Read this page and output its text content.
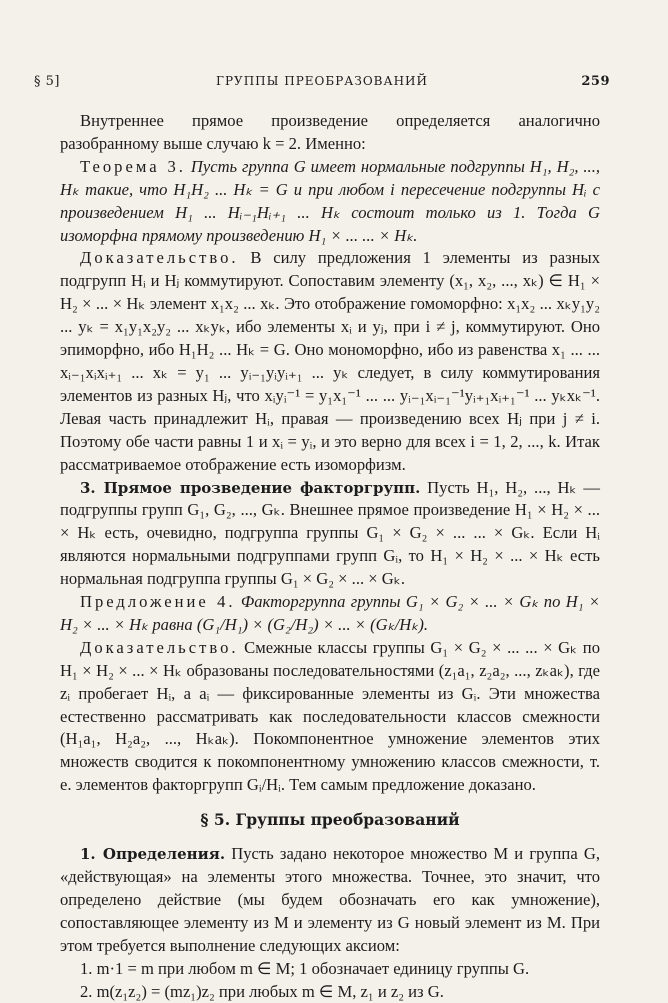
§ 5]	ГРУППЫ ПРЕОБРАЗОВАНИЙ	259

Внутреннее прямое произведение определяется аналогично разобранному выше случаю k = 2. Именно:

Теорема 3. Пусть группа G имеет нормальные подгруппы H₁, H₂, ..., Hₖ такие, что H₁H₂ ... Hₖ = G и при любом i пересечение подгруппы Hᵢ с произведением H₁ ... Hᵢ₋₁Hᵢ₊₁ ... Hₖ состоит только из 1. Тогда G изоморфна прямому произведению H₁ × ... ... × Hₖ.

Доказательство. В силу предложения 1 элементы из разных подгрупп Hᵢ и Hⱼ коммутируют. Сопоставим элементу (x₁, x₂, ..., xₖ) ∈ H₁ × H₂ × ... × Hₖ элемент x₁x₂ ... xₖ. Это отображение гомоморфно: x₁x₂ ... xₖy₁y₂ ... yₖ = x₁y₁x₂y₂ ... xₖyₖ, ибо элементы xᵢ и yⱼ, при i ≠ j, коммутируют. Оно эпиморфно, ибо H₁H₂ ... Hₖ = G. Оно мономорфно, ибо из равенства x₁ ... ... xᵢ₋₁xᵢxᵢ₊₁ ... xₖ = y₁ ... yᵢ₋₁yᵢyᵢ₊₁ ... yₖ следует, в силу коммутирования элементов из разных Hⱼ, что xᵢyᵢ⁻¹ = y₁x₁⁻¹ ... ... yᵢ₋₁xᵢ₋₁⁻¹yᵢ₊₁xᵢ₊₁⁻¹ ... yₖxₖ⁻¹. Левая часть принадлежит Hᵢ, правая — произведению всех Hⱼ при j ≠ i. Поэтому обе части равны 1 и xᵢ = yᵢ, и это верно для всех i = 1, 2, ..., k. Итак рассматриваемое отображение есть изоморфизм.

3. Прямое прозведение факторгрупп. Пусть H₁, H₂, ..., Hₖ — подгруппы групп G₁, G₂, ..., Gₖ. Внешнее прямое произведение H₁ × H₂ × ... × Hₖ есть, очевидно, подгруппа группы G₁ × G₂ × ... ... × Gₖ. Если Hᵢ являются нормальными подгруппами групп Gᵢ, то H₁ × H₂ × ... × Hₖ есть нормальная подгруппа группы G₁ × G₂ × ... × Gₖ.

Предложение 4. Факторгруппа группы G₁ × G₂ × ... × Gₖ по H₁ × H₂ × ... × Hₖ равна (G₁/H₁) × (G₂/H₂) × ... × (Gₖ/Hₖ).

Доказательство. Смежные классы группы G₁ × G₂ × ... ... × Gₖ по H₁ × H₂ × ... × Hₖ образованы последовательностями (z₁a₁, z₂a₂, ..., zₖaₖ), где zᵢ пробегает Hᵢ, а aᵢ — фиксированные элементы из Gᵢ. Эти множества естественно рассматривать как последовательности классов смежности (H₁a₁, H₂a₂, ..., Hₖaₖ). Покомпонентное умножение элементов этих множеств сводится к покомпонентному умножению классов смежности, т. е. элементов факторгрупп Gᵢ/Hᵢ. Тем самым предложение доказано.

§ 5. Группы преобразований

1. Определения. Пусть задано некоторое множество M и группа G, «действующая» на элементы этого множества. Точнее, это значит, что определено действие (мы будем обозначать его как умножение), сопоставляющее элементу из M и элементу из G новый элемент из M. При этом требуется выполнение следующих аксиом:

1. m·1 = m при любом m ∈ M; 1 обозначает единицу группы G.

2. m(z₁z₂) = (mz₁)z₂ при любых m ∈ M, z₁ и z₂ из G.
